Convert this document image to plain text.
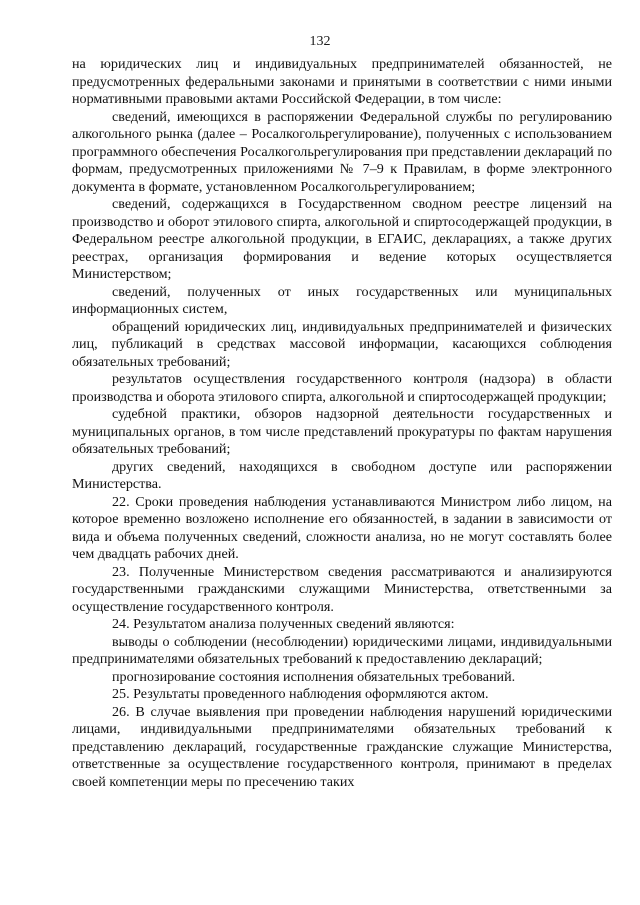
132

на юридических лиц и индивидуальных предпринимателей обязанностей, не предусмотренных федеральными законами и принятыми в соответствии с ними иными нормативными правовыми актами Российской Федерации, в том числе:

сведений, имеющихся в распоряжении Федеральной службы по регулированию алкогольного рынка (далее – Росалкогольрегулирование), полученных с использованием программного обеспечения Росалкогольрегулирования при представлении деклараций по формам, предусмотренных приложениями № 7–9 к Правилам, в форме электронного документа в формате, установленном Росалкогольрегулированием;

сведений, содержащихся в Государственном сводном реестре лицензий на производство и оборот этилового спирта, алкогольной и спиртосодержащей продукции, в Федеральном реестре алкогольной продукции, в ЕГАИС, декларациях, а также других реестрах, организация формирования и ведение которых осуществляется Министерством;

сведений, полученных от иных государственных или муниципальных информационных систем,

обращений юридических лиц, индивидуальных предпринимателей и физических лиц, публикаций в средствах массовой информации, касающихся соблюдения обязательных требований;

результатов осуществления государственного контроля (надзора) в области производства и оборота этилового спирта, алкогольной и спиртосодержащей продукции;

судебной практики, обзоров надзорной деятельности государственных и муниципальных органов, в том числе представлений прокуратуры по фактам нарушения обязательных требований;

других сведений, находящихся в свободном доступе или распоряжении Министерства.

22. Сроки проведения наблюдения устанавливаются Министром либо лицом, на которое временно возложено исполнение его обязанностей, в задании в зависимости от вида и объема полученных сведений, сложности анализа, но не могут составлять более чем двадцать рабочих дней.

23. Полученные Министерством сведения рассматриваются и анализируются государственными гражданскими служащими Министерства, ответственными за осуществление государственного контроля.

24. Результатом анализа полученных сведений являются:

выводы о соблюдении (несоблюдении) юридическими лицами, индивидуальными предпринимателями обязательных требований к предоставлению деклараций;

прогнозирование состояния исполнения обязательных требований.

25. Результаты проведенного наблюдения оформляются актом.

26. В случае выявления при проведении наблюдения нарушений юридическими лицами, индивидуальными предпринимателями обязательных требований к представлению деклараций, государственные гражданские служащие Министерства, ответственные за осуществление государственного контроля, принимают в пределах своей компетенции меры по пресечению таких
